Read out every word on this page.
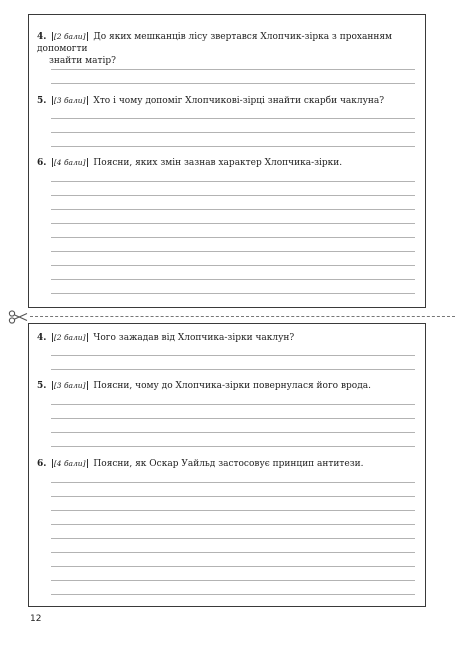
4. [2 бали] До яких мешканців лісу звертався Хлопчик-зірка з проханням допомогти
знайти матір?
5. [3 бали] Хто і чому допоміг Хлопчикові-зірці знайти скарби чаклуна?
6. [4 бали] Поясни, яких змін зазнав характер Хлопчика-зірки.
4. [2 бали] Чого зажадав від Хлопчика-зірки чаклун?
5. [3 бали] Поясни, чому до Хлопчика-зірки повернулася його врода.
6. [4 бали] Поясни, як Оскар Уайльд застосовує принцип антитези.
12
